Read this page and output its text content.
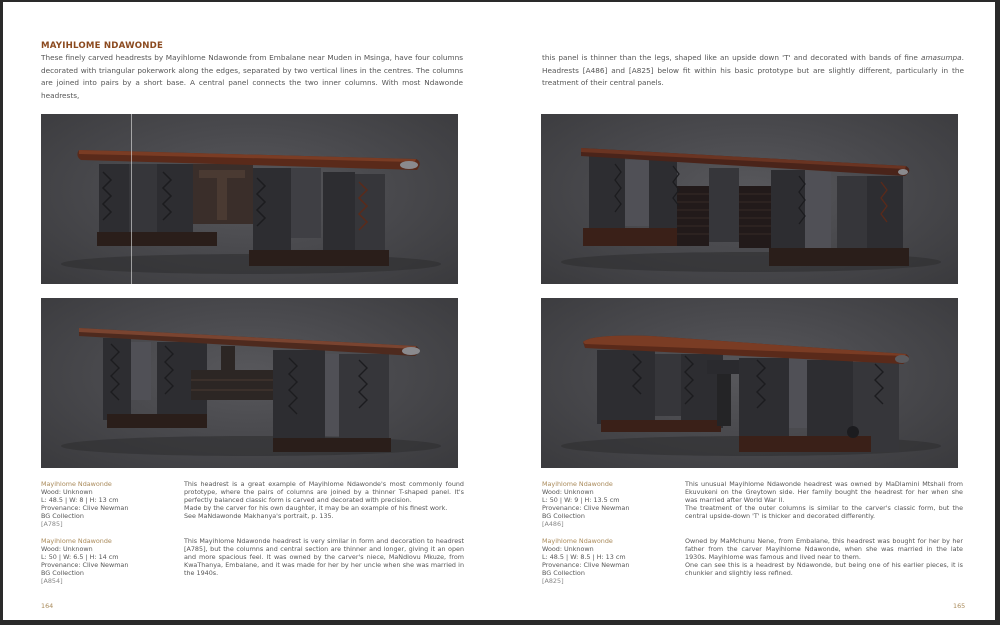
MAYIHLOME NDAWONDE
These finely carved headrests by Mayihlome Ndawonde from Embalane near Muden in Msinga, have four columns decorated with triangular pokerwork along the edges, separated by two vertical lines in the centres. The columns are joined into pairs by a short base. A central panel connects the two inner columns. With most Ndawonde headrests,
this panel is thinner than the legs, shaped like an upside down 'T' and decorated with bands of fine amasumpa. Headrests [A486] and [A825] below fit within his basic prototype but are slightly different, particularly in the treatment of their central panels.
Mayihlome Ndawonde
Wood: Unknown
L: 48.5 | W: 8 | H: 13 cm
Provenance: Clive Newman
BG Collection
[A785]

This headrest is a great example of Mayihlome Ndawonde's most commonly found prototype, where the pairs of columns are joined by a thinner T-shaped panel. It's perfectly balanced classic form is carved and decorated with precision.

Made by the carver for his own daughter, it may be an example of his finest work.

See MaNdawonde Makhanya's portrait, p. 135.

Mayihlome Ndawonde
Wood: Unknown
L: 50 | W: 6.5 | H: 14 cm
Provenance: Clive Newman
BG Collection
[A854]

This Mayihlome Ndawonde headrest is very similar in form and decoration to headrest [A785], but the columns and central section are thinner and longer, giving it an open and more spacious feel. It was owned by the carver's niece, MaNdlovu Mkuze, from KwaThanya, Embalane, and it was made for her by her uncle when she was married in the 1940s.

Mayihlome Ndawonde
Wood: Unknown
L: 50 | W: 9 | H: 13.5 cm
Provenance: Clive Newman
BG Collection
[A486]

This unusual Mayihlome Ndawonde headrest was owned by MaDlamini Mtshali from Ekuvukeni on the Greytown side. Her family bought the headrest for her when she was married after World War II.

The treatment of the outer columns is similar to the carver's classic form, but the central upside-down 'T' is thicker and decorated differently.

Mayihlome Ndawonde
Wood: Unknown
L: 48.5 | W: 8.5 | H: 13 cm
Provenance: Clive Newman
BG Collection
[A825]

Owned by MaMchunu Nene, from Embalane, this headrest was bought for her by her father from the carver Mayihlome Ndawonde, when she was married in the late 1930s. Mayihlome was famous and lived near to them.

One can see this is a headrest by Ndawonde, but being one of his earlier pieces, it is chunkier and slightly less refined.

164	165
